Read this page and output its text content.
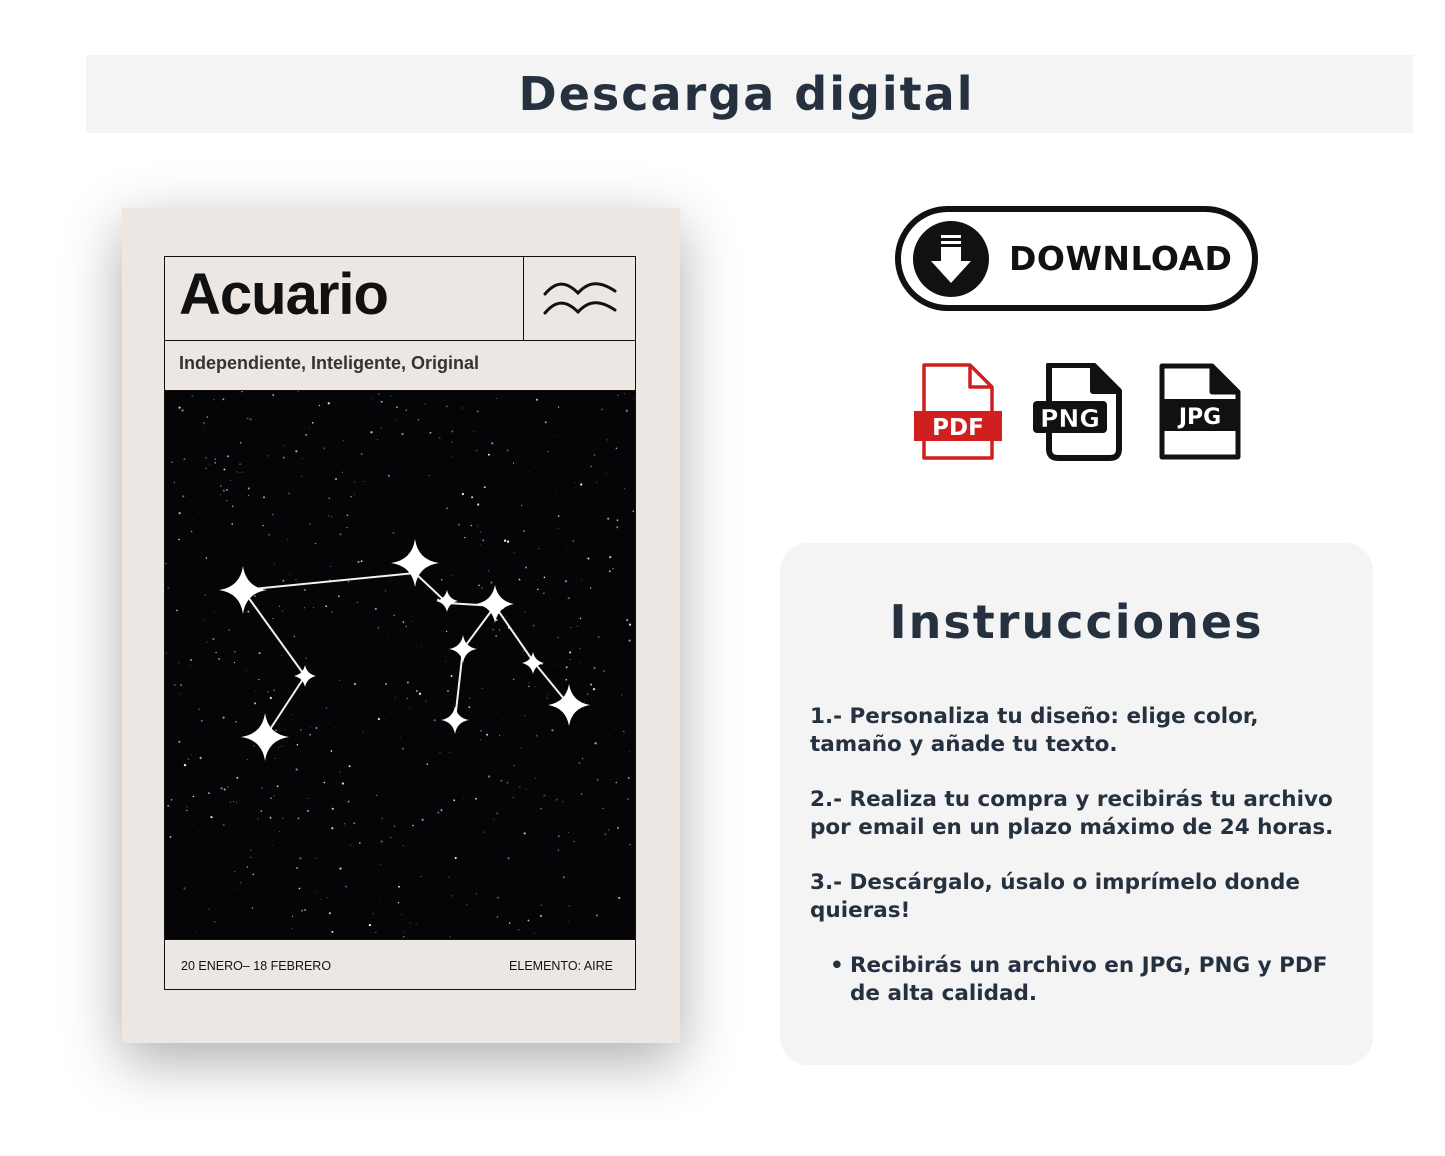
Descarga digital
Acuario
Independiente, Inteligente, Original
20 ENERO– 18 FEBRERO	ELEMENTO: AIRE
DOWNLOAD
PDF PNG	JPG
Instrucciones

1.- Personaliza tu diseño: elige color, tamaño y añade tu texto.

2.- Realiza tu compra y recibirás tu archivo por email en un plazo máximo de 24 horas.

3.- Descárgalo, úsalo o imprímelo donde quieras!

• Recibirás un archivo en JPG, PNG y PDF de alta calidad.
